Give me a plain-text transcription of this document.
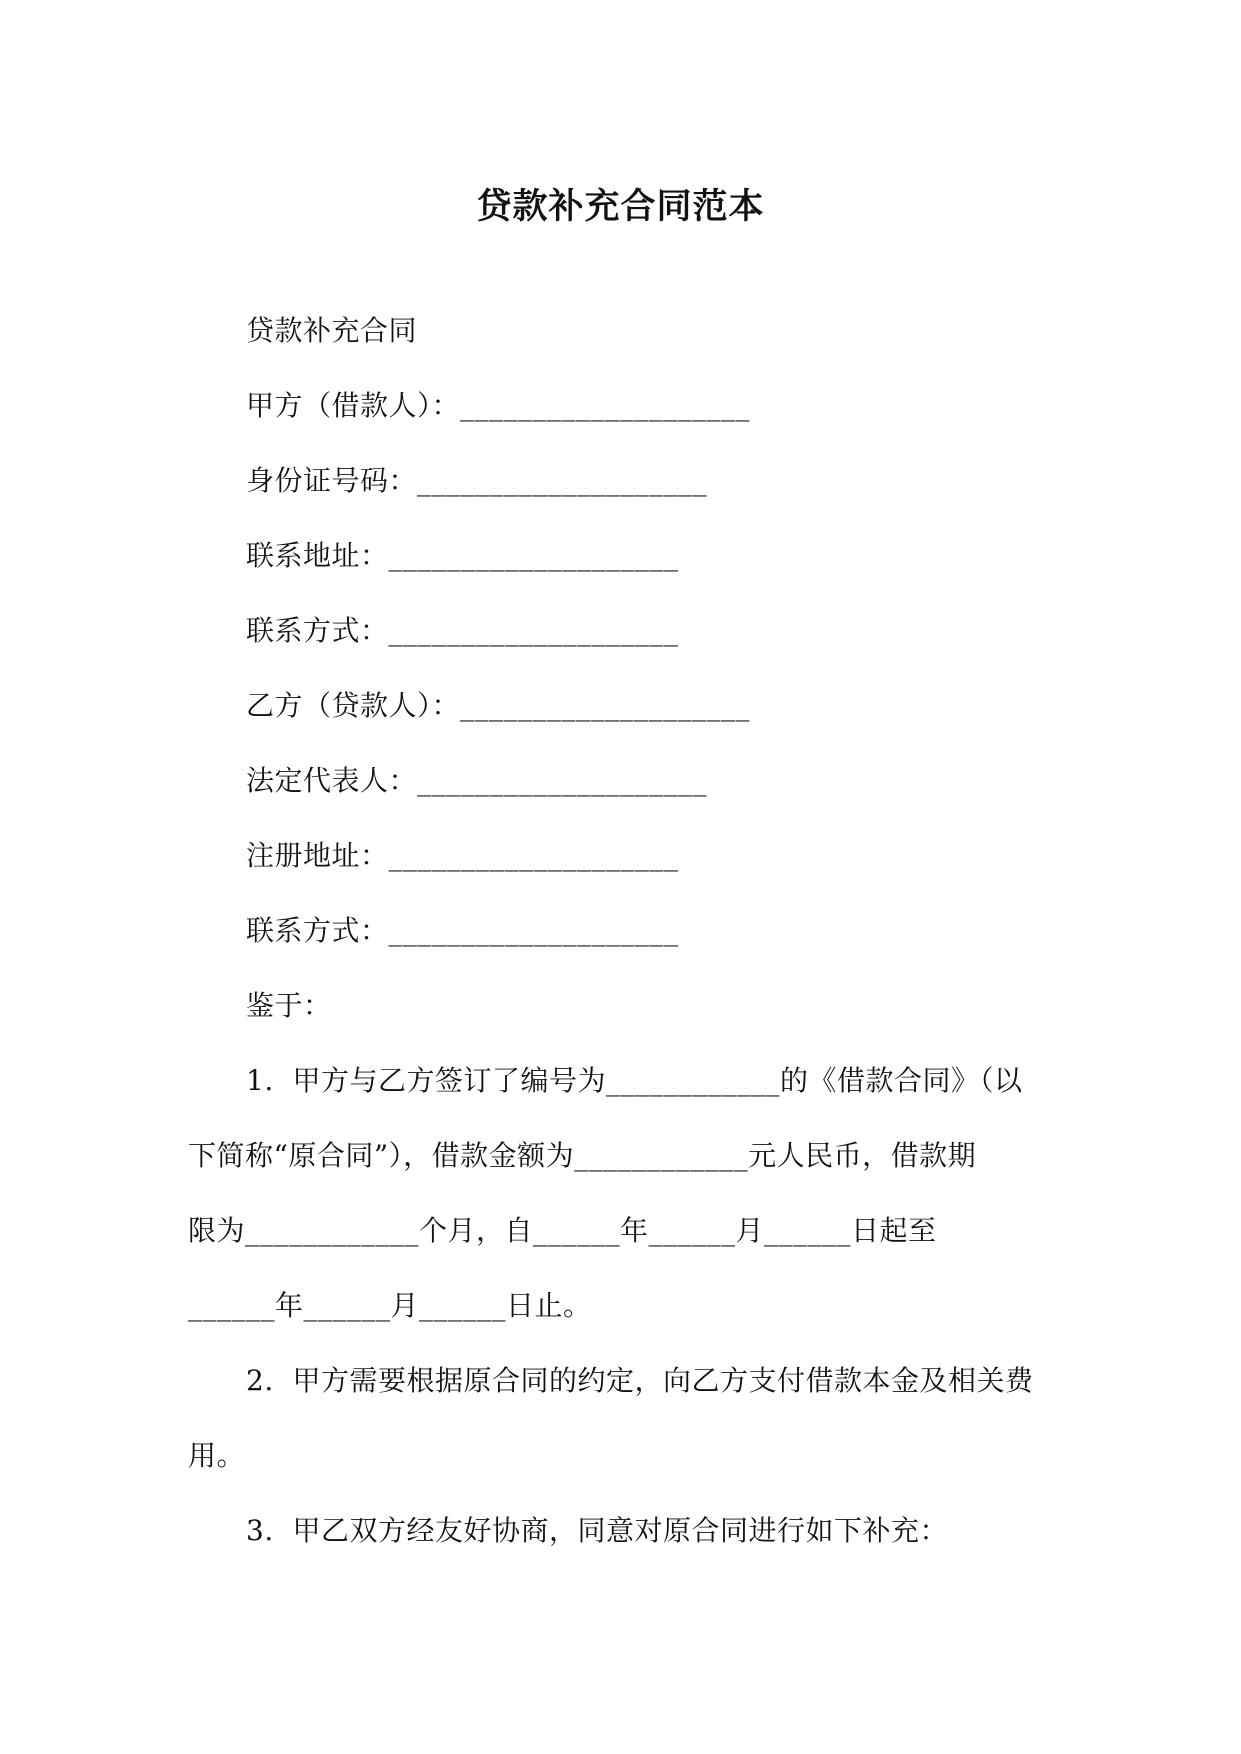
贷款补充合同范本
贷款补充合同
甲方（借款人）：____________________
身份证号码：____________________
联系地址：____________________
联系方式：____________________
乙方（贷款人）：____________________
法定代表人：____________________
注册地址：____________________
联系方式：____________________
鉴于：
1.  甲方与乙方签订了编号为____________的《借款合同》（以
下简称“原合同”），借款金额为____________元人民币，借款期
限为____________个月，自______年______月______日起至
______年______月______日止。
2.  甲方需要根据原合同的约定，向乙方支付借款本金及相关费
用。
3.  甲乙双方经友好协商，同意对原合同进行如下补充：
